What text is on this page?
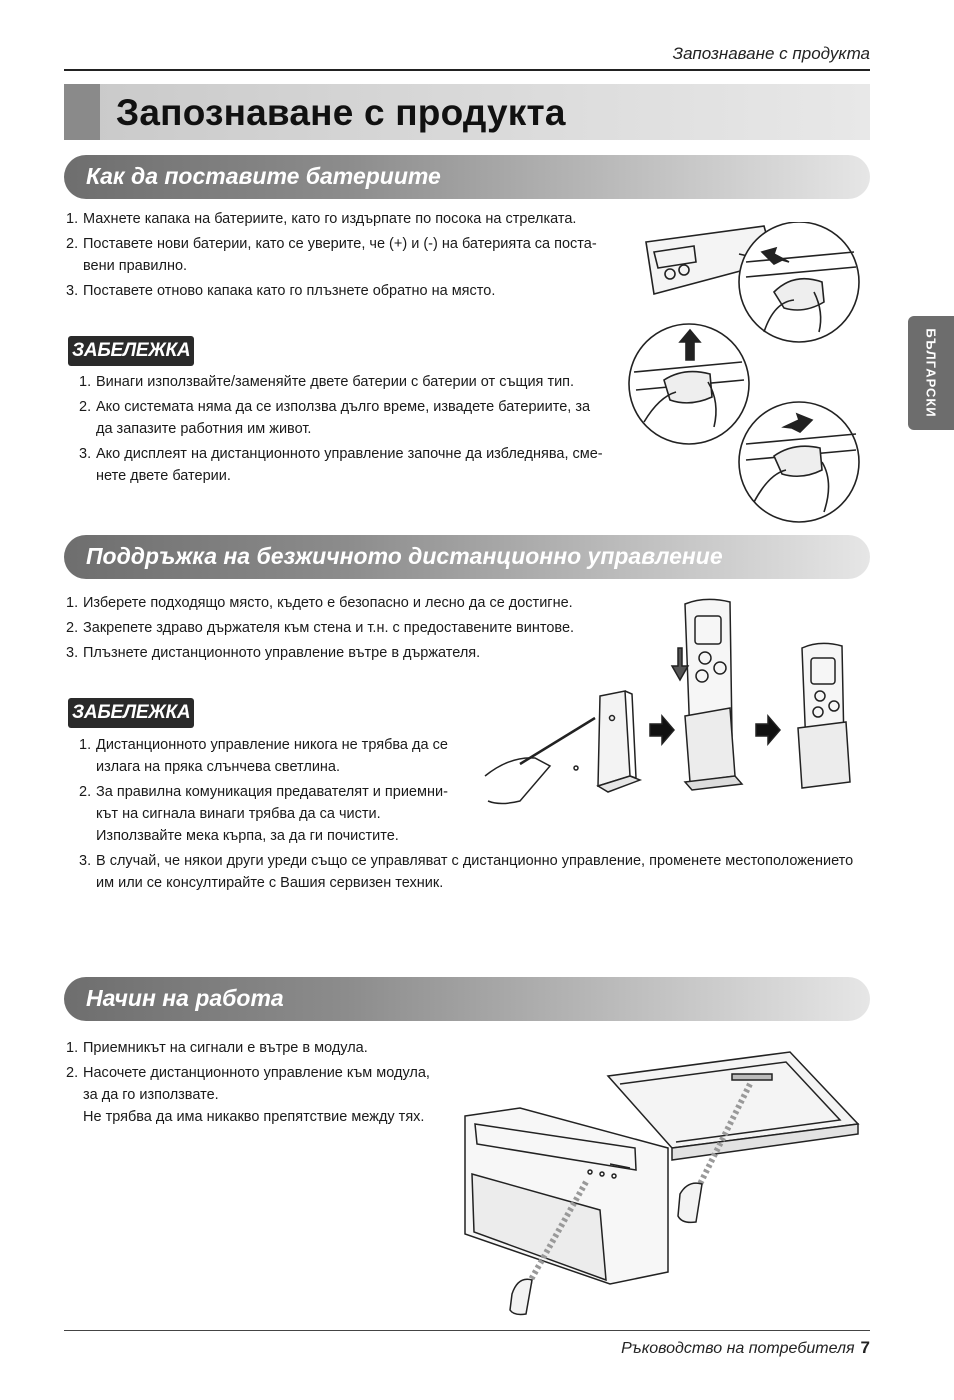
Запознаване с продукта
Запознаване с продукта
БЪЛГАРСКИ
Как да поставите батериите
1. Махнете капака на батериите, като го издърпате по посока на стрелката.
2. Поставете нови батерии, като се уверите, че (+) и (-) на батерията са поста-
вени правилно.
3. Поставете отново капака като го плъзнете обратно на място.
ЗАБЕЛЕЖКА
1. Винаги използвайте/заменяйте двете батерии с батерии от същия тип.
2. Ако системата няма да се използва дълго време, извадете батериите, за
да запазите работния им живот.
3. Ако дисплеят на дистанционното управление започне да избледнява, сме-
нете двете батерии.
Поддръжка на безжичното дистанционно управление
1. Изберете подходящо място, където е безопасно и лесно да се достигне.
2. Закрепете здраво държателя към стена и т.н. с предоставените винтове.
3. Плъзнете дистанционното управление вътре в държателя.
ЗАБЕЛЕЖКА
1. Дистанционното управление никога не трябва да се
излага на пряка слънчева светлина.
2. За правилна комуникация предавателят и приемни-
кът на сигнала винаги трябва да са чисти.
Използвайте мека кърпа, за да ги почистите.
3. В случай, че някои други уреди също се управляват с дистанционно управление, променете местоположението
им или се консултирайте с Вашия сервизен техник.
Начин на работа
1. Приемникът на сигнали е вътре в модула.
2. Насочете дистанционното управление към модула,
за да го използвате.
Не трябва да има никакво препятствие между тях.
Ръководство на потребителя 7
